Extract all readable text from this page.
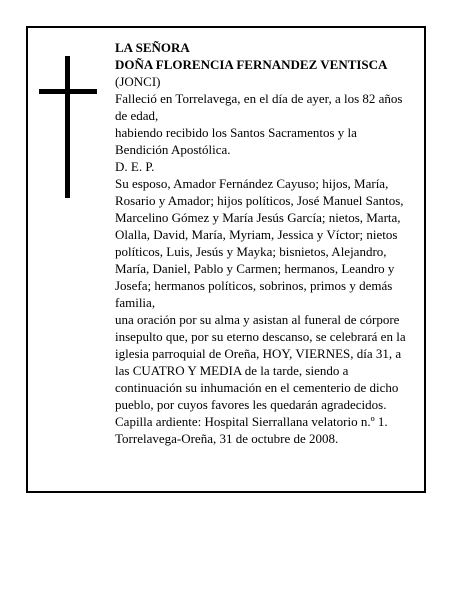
LA SEÑORA
DOÑA FLORENCIA FERNANDEZ VENTISCA
(JONCI)
Falleció en Torrelavega, en el día de ayer, a los 82 años
de edad,
habiendo recibido los Santos Sacramentos y la
Bendición Apostólica.
D. E. P.
Su esposo, Amador Fernández Cayuso; hijos, María,
Rosario y Amador; hijos políticos, José Manuel Santos,
Marcelino Gómez y María Jesús García; nietos, Marta,
Olalla, David, María, Myriam, Jessica y Víctor; nietos
políticos, Luis, Jesús y Mayka; bisnietos, Alejandro,
María, Daniel, Pablo y Carmen; hermanos, Leandro y
Josefa; hermanos políticos, sobrinos, primos y demás
familia,
una oración por su alma y asistan al funeral de córpore
insepulto que, por su eterno descanso, se celebrará en la
iglesia parroquial de Oreña, HOY, VIERNES, día 31, a
las CUATRO Y MEDIA de la tarde, siendo a
continuación su inhumación en el cementerio de dicho
pueblo, por cuyos favores les quedarán agradecidos.
Capilla ardiente: Hospital Sierrallana velatorio n.º 1.
Torrelavega-Oreña, 31 de octubre de 2008.
